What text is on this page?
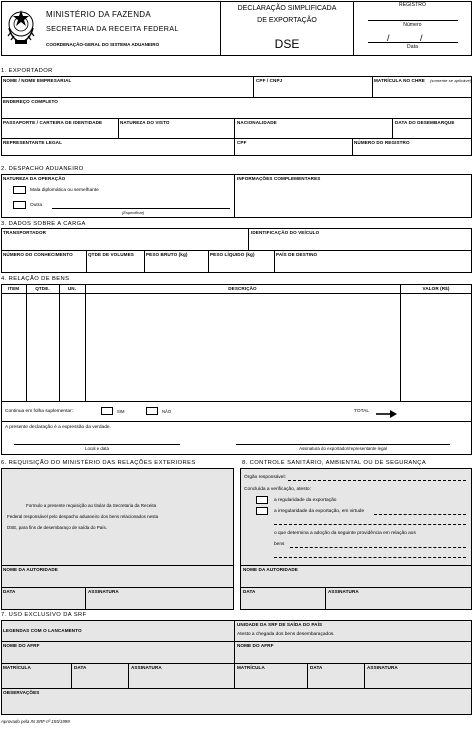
MINISTÉRIO DA FAZENDA
SECRETARIA DA RECEITA FEDERAL
COORDENAÇÃO-GERAL DO SISTEMA ADUANEIRO
DECLARAÇÃO SIMPLIFICADA
DE EXPORTAÇÃO
DSE
REGISTRO
Número
/	/
Data
1. EXPORTADOR
NOME / NOME EMPRESARIAL	CPF / CNPJ	MATRÍCULA NO CHRE (somente se aplicável)
ENDEREÇO COMPLETO
PASSAPORTE / CARTEIRA DE IDENTIDADE	NATUREZA DO VISTO	NACIONALIDADE	DATA DO DESEMBARQUE
REPRESENTANTE LEGAL	CPF	NÚMERO DO REGISTRO
2. DESPACHO ADUANEIRO
NATUREZA DA OPERAÇÃO
Mala diplomática ou semelhante
Outra
(Especificar)
INFORMAÇÕES COMPLEMENTARES
3. DADOS SOBRE A CARGA
TRANSPORTADOR	IDENTIFICAÇÃO DO VEÍCULO
NÚMERO DO CONHECIMENTO	QTDE DE VOLUMES	PESO BRUTO (kg)	PESO LÍQUIDO (kg)	PAÍS DE DESTINO
4. RELAÇÃO DE BENS
ITEM	QTDE.	UN.	DESCRIÇÃO	VALOR (R$)
Continua em folha suplementar:	SIM	NÃO	TOTAL
A presente declaração é a expressão da verdade.
Local e data	Assinatura do exportador/representante legal
6. REQUISIÇÃO DO MINISTÉRIO DAS RELAÇÕES EXTERIORES
Formulo a presente requisição ao titular da Secretaria da Receita
Federal responsável pelo despacho aduaneiro dos bens relacionados nesta
DSE, para fins de desembaraço de saída do País.
NOME DA AUTORIDADE
DATA	ASSINATURA
8. CONTROLE SANITÁRIO, AMBIENTAL OU DE SEGURANÇA
Órgão responsável:
Concluída a verificação, atesto:
a regularidade da exportação
a irregularidade da exportação, em virtude
o que determina a adoção da seguinte providência em relação aos
bens
NOME DA AUTORIDADE
DATA	ASSINATURA
7. USO EXCLUSIVO DA SRF
LEGENDAS COM O LANCAMENTO
UNIDADE DA SRF DE SAÍDA DO PAÍS
Atesto a chegada dos bens desembaraçados.
NOME DO AFRF	NOME DO AFRF
MATRÍCULA	DATA	ASSINATURA	MATRÍCULA	DATA	ASSINATURA
OBSERVAÇÕES
Aprovado pela IN SRF nº 155/1999
